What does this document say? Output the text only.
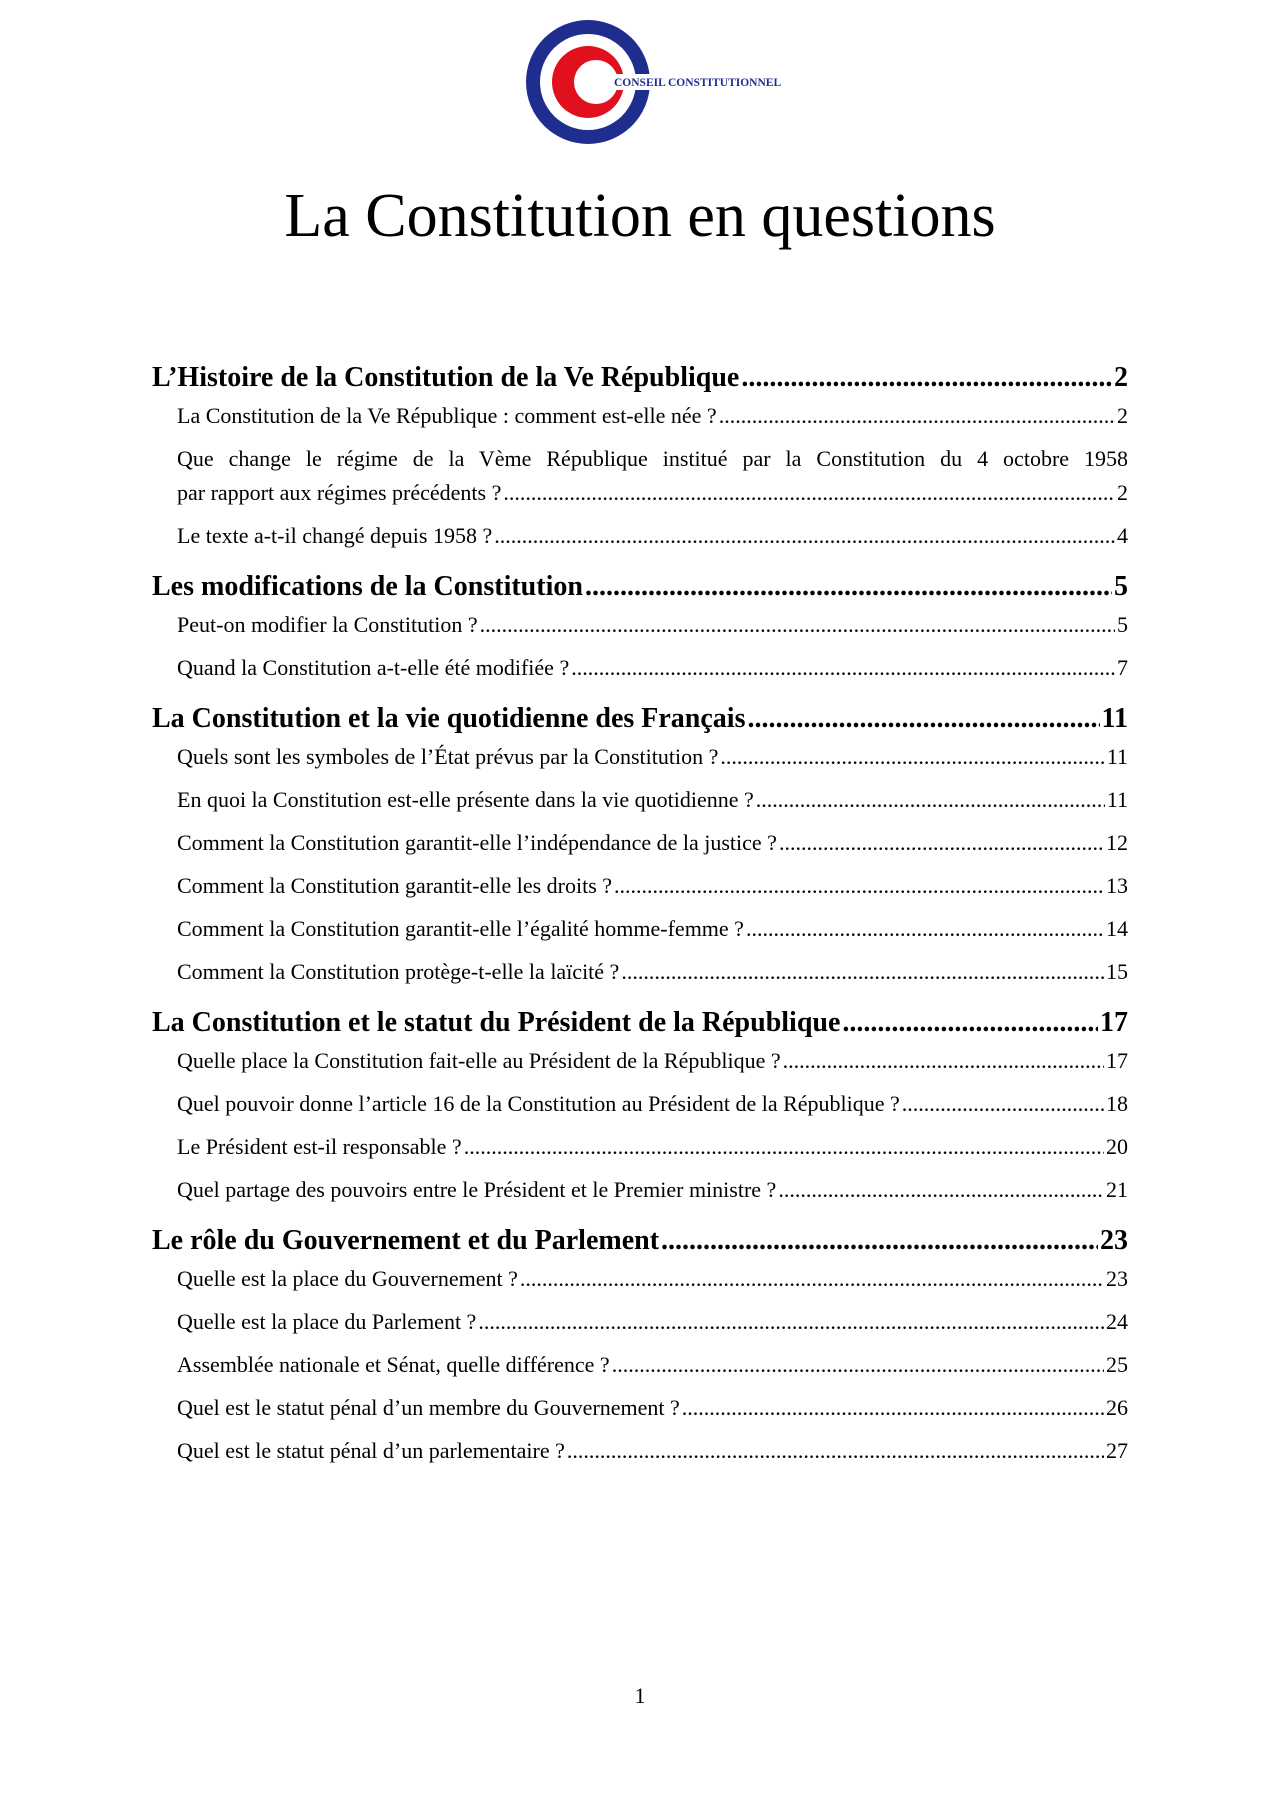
CONSEIL CONSTITUTIONNEL
La Constitution en questions
L’Histoire de la Constitution de la Ve République .....	2
La Constitution de la Ve République : comment est-elle née ? .....	2
Que change le régime de la Vème République institué par la Constitution du 4 octobre 1958
par rapport aux régimes précédents ? .....	2
Le texte a-t-il changé depuis 1958 ? .....	4
Les modifications de la Constitution .....	5
Peut-on modifier la Constitution ? .....	5
Quand la Constitution a-t-elle été modifiée ? .....	7
La Constitution et la vie quotidienne des Français .....	11
Quels sont les symboles de l’État prévus par la Constitution ? .....	11
En quoi la Constitution est-elle présente dans la vie quotidienne ? .....	11
Comment la Constitution garantit-elle l’indépendance de la justice ? .....	12
Comment la Constitution garantit-elle les droits ? .....	13
Comment la Constitution garantit-elle l’égalité homme-femme ? .....	14
Comment la Constitution protège-t-elle la laïcité ? .....	15
La Constitution et le statut du Président de la République .....	17
Quelle place la Constitution fait-elle au Président de la République ? .....	17
Quel pouvoir donne l’article 16 de la Constitution au Président de la République ? .....	18
Le Président est-il responsable ? .....	20
Quel partage des pouvoirs entre le Président et le Premier ministre ? .....	21
Le rôle du Gouvernement et du Parlement .....	23
Quelle est la place du Gouvernement ? .....	23
Quelle est la place du Parlement ? .....	24
Assemblée nationale et Sénat, quelle différence ? .....	25
Quel est le statut pénal d’un membre du Gouvernement ? .....	26
Quel est le statut pénal d’un parlementaire ? .....	27
1
